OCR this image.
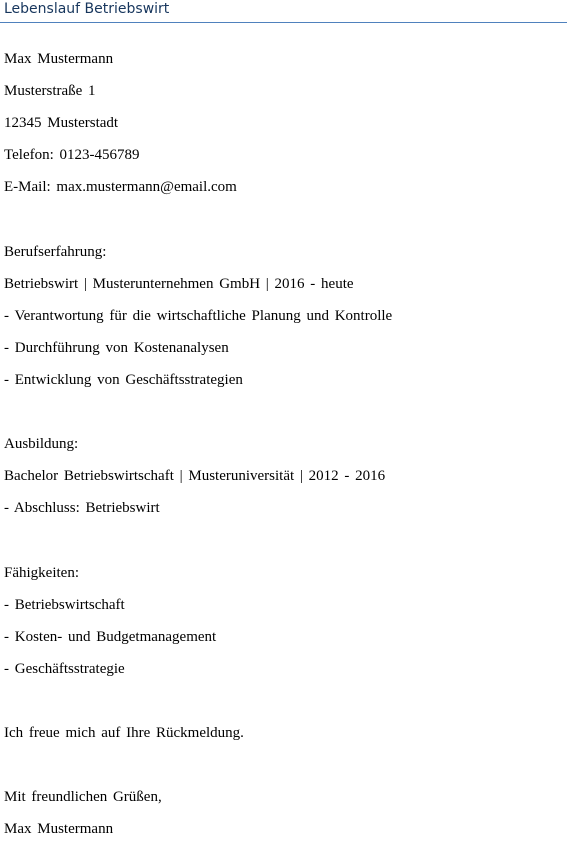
Lebenslauf Betriebswirt
Max Mustermann
Musterstraße 1
12345 Musterstadt
Telefon: 0123-456789
E-Mail: max.mustermann@email.com
Berufserfahrung:
Betriebswirt | Musterunternehmen GmbH | 2016 - heute
- Verantwortung für die wirtschaftliche Planung und Kontrolle
- Durchführung von Kostenanalysen
- Entwicklung von Geschäftsstrategien
Ausbildung:
Bachelor Betriebswirtschaft | Musteruniversität | 2012 - 2016
- Abschluss: Betriebswirt
Fähigkeiten:
- Betriebswirtschaft
- Kosten- und Budgetmanagement
- Geschäftsstrategie
Ich freue mich auf Ihre Rückmeldung.
Mit freundlichen Grüßen,
Max Mustermann
